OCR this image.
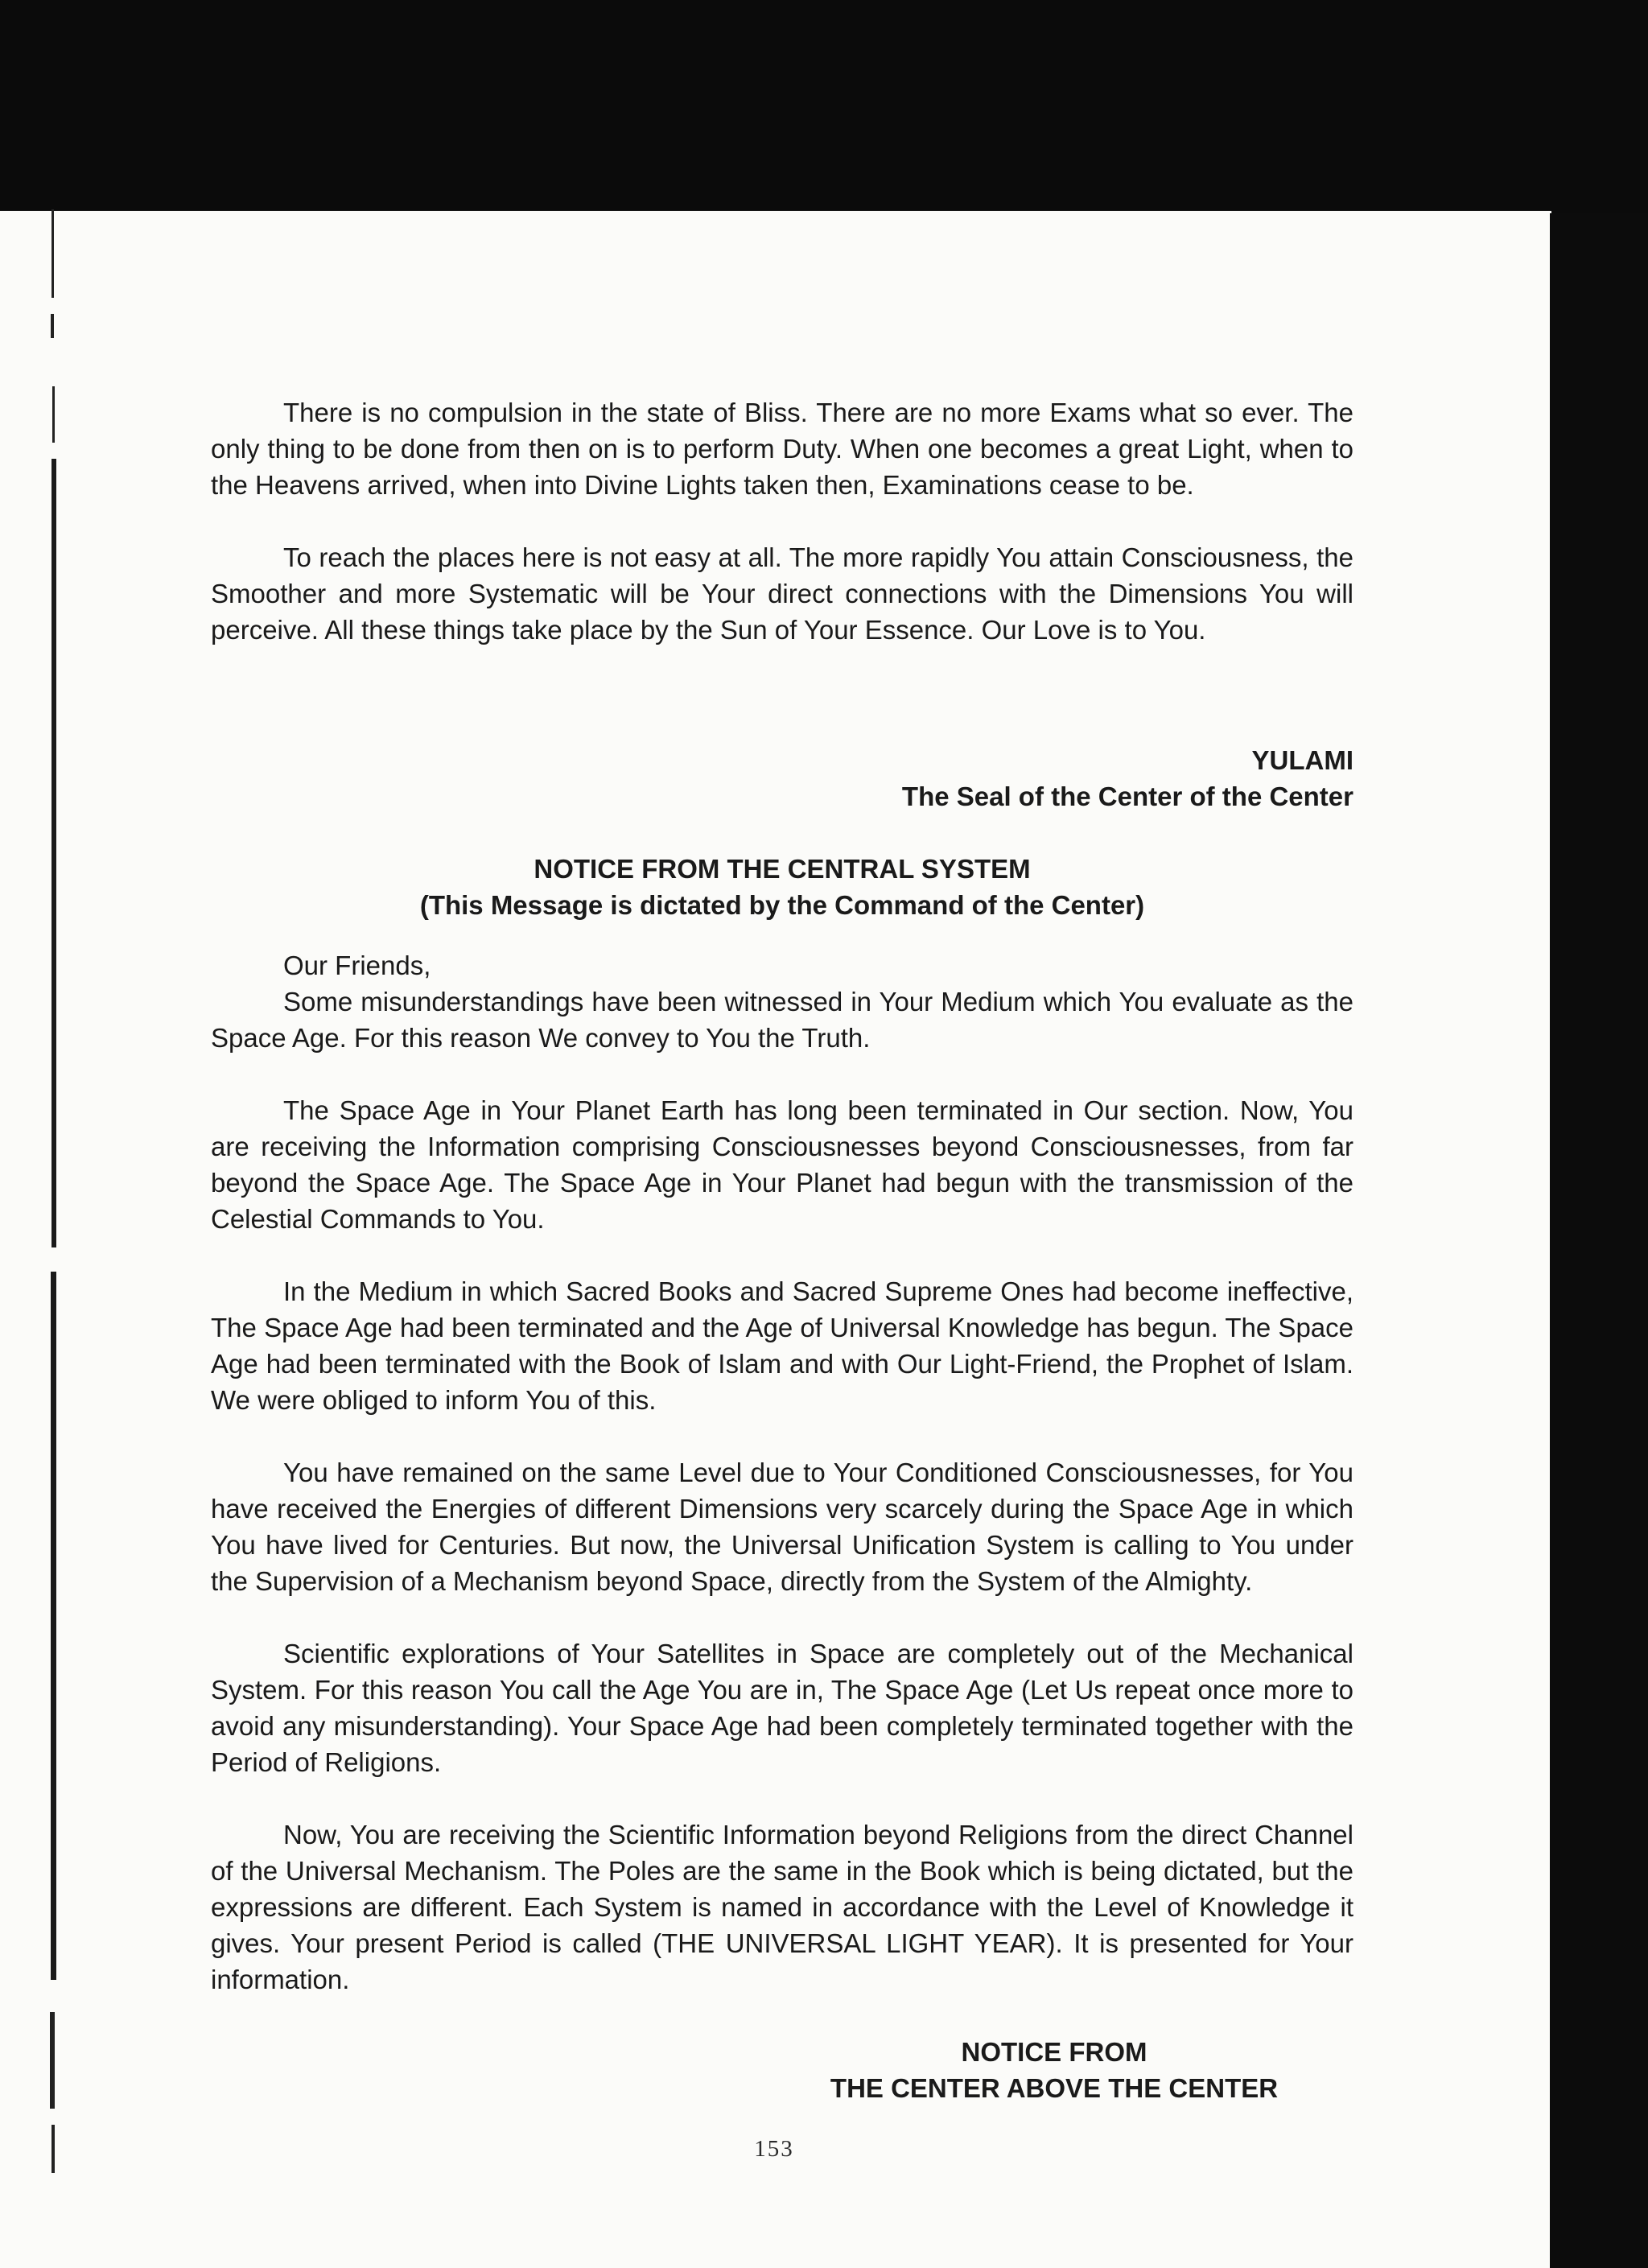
There is no compulsion in the state of Bliss. There are no more Exams what so ever. The only thing to be done from then on is to perform Duty. When one becomes a great Light, when to the Heavens arrived, when into Divine Lights taken then, Examinations cease to be.

To reach the places here is not easy at all. The more rapidly You attain Consciousness, the Smoother and more Systematic will be Your direct connections with the Dimensions You will perceive. All these things take place by the Sun of Your Essence. Our Love is to You.

YULAMI
The Seal of the Center of the Center
NOTICE FROM THE CENTRAL SYSTEM
(This Message is dictated by the Command of the Center)

Our Friends,

Some misunderstandings have been witnessed in Your Medium which You evaluate as the Space Age. For this reason We convey to You the Truth.

The Space Age in Your Planet Earth has long been terminated in Our section. Now, You are receiving the Information comprising Consciousnesses beyond Consciousnesses, from far beyond the Space Age. The Space Age in Your Planet had begun with the transmission of the Celestial Commands to You.

In the Medium in which Sacred Books and Sacred Supreme Ones had become ineffective, The Space Age had been terminated and the Age of Universal Knowledge has begun. The Space Age had been terminated with the Book of Islam and with Our Light-Friend, the Prophet of Islam. We were obliged to inform You of this.

You have remained on the same Level due to Your Conditioned Consciousnesses, for You have received the Energies of different Dimensions very scarcely during the Space Age in which You have lived for Centuries. But now, the Universal Unification System is calling to You under the Supervision of a Mechanism beyond Space, directly from the System of the Almighty.

Scientific explorations of Your Satellites in Space are completely out of the Mechanical System. For this reason You call the Age You are in, The Space Age (Let Us repeat once more to avoid any misunderstanding). Your Space Age had been completely terminated together with the Period of Religions.

Now, You are receiving the Scientific Information beyond Religions from the direct Channel of the Universal Mechanism. The Poles are the same in the Book which is being dictated, but the expressions are different. Each System is named in accordance with the Level of Knowledge it gives. Your present Period is called (THE UNIVERSAL LIGHT YEAR). It is presented for Your information.

NOTICE FROM
THE CENTER ABOVE THE CENTER
153
